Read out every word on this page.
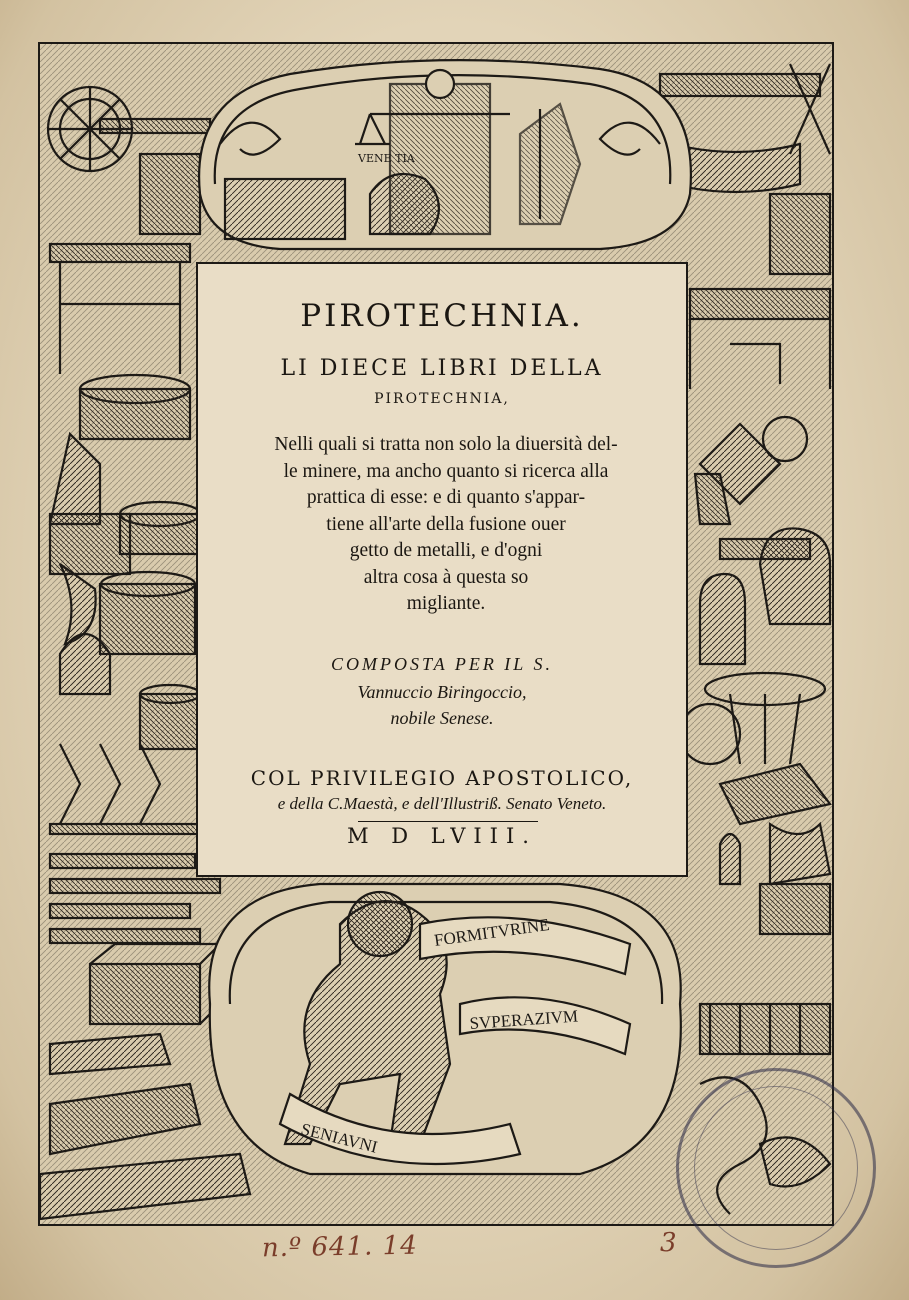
VENE TIA
FORMITVRINE
SVPERAZIVM
SENIAVNI
PIROTECHNIA.
LI DIECE LIBRI DELLA
PIROTECHNIA,
Nelli quali si tratta non solo la diuersità del-
le minere, ma ancho quanto si ricerca alla
prattica di esse: e di quanto s'appar-
tiene all'arte della fusione ouer
getto de metalli, e d'ogni
altra cosa à questa so
migliante.
COMPOSTA PER IL S.
Vannuccio Biringoccio,
nobile Senese.
COL PRIVILEGIO APOSTOLICO,
e della C.Maestà, e dell'Illustriß. Senato Veneto.
M D LVIII.
n.º 641. 14	3
